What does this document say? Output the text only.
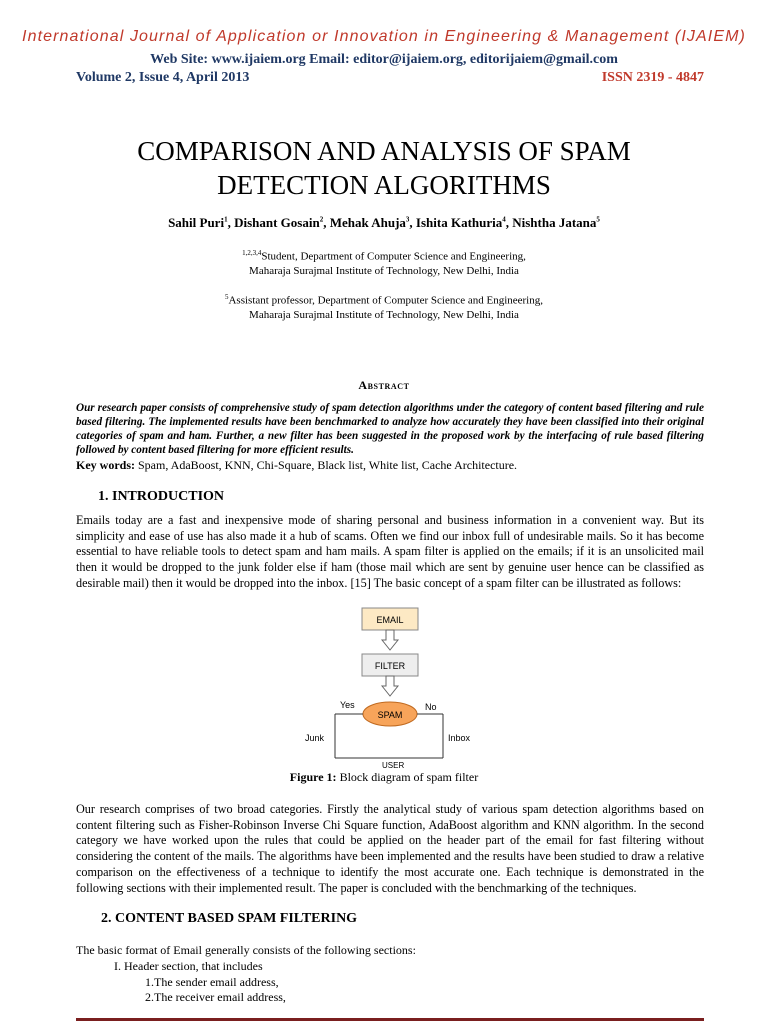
International Journal of Application or Innovation in Engineering & Management (IJAIEM)
Web Site: www.ijaiem.org Email: editor@ijaiem.org, editorijaiem@gmail.com
Volume 2, Issue 4, April 2013	ISSN 2319 - 4847
COMPARISON AND ANALYSIS OF SPAM
DETECTION ALGORITHMS
Sahil Puri$^1$, Dishant Gosain$^2$, Mehak Ahuja$^3$, Ishita Kathuria$^4$, Nishtha Jatana$^5$
$^{1,2,3,4}$Student, Department of Computer Science and Engineering,
Maharaja Surajmal Institute of Technology, New Delhi, India
$^5$Assistant professor, Department of Computer Science and Engineering,
Maharaja Surajmal Institute of Technology, New Delhi, India
Abstract
Our research paper consists of comprehensive study of spam detection algorithms under the category of content based filtering and rule based filtering. The implemented results have been benchmarked to analyze how accurately they have been classified into their original categories of spam and ham. Further, a new filter has been suggested in the proposed work by the interfacing of rule based filtering followed by content based filtering for more efficient results.
Key words: Spam, AdaBoost, KNN, Chi-Square, Black list, White list, Cache Architecture.
1. INTRODUCTION
Emails today are a fast and inexpensive mode of sharing personal and business information in a convenient way. But its simplicity and ease of use has also made it a hub of scams. Often we find our inbox full of undesirable mails. So it has become essential to have reliable tools to detect spam and ham mails. A spam filter is applied on the emails; if it is an unsolicited mail then it would be dropped to the junk folder else if ham (those mail which are sent by genuine user hence can be classified as desirable mail) then it would be dropped into the inbox. [15] The basic concept of a spam filter can be illustrated as follows:
EMAIL
FILTER
SPAM
Yes	No
Junk	Inbox
USER
Figure 1: Block diagram of spam filter
Our research comprises of two broad categories. Firstly the analytical study of various spam detection algorithms based on content filtering such as Fisher-Robinson Inverse Chi Square function, AdaBoost algorithm and KNN algorithm. In the second category we have worked upon the rules that could be applied on the header part of the email for fast filtering without considering the content of the mails. The algorithms have been implemented and the results have been studied to draw a relative comparison on the effectiveness of a technique to identify the most accurate one. Each technique is demonstrated in the following sections with their implemented result. The paper is concluded with the benchmarking of the techniques.
2. CONTENT BASED SPAM FILTERING
The basic format of Email generally consists of the following sections:
I. Header section, that includes
1.The sender email address,
2.The receiver email address,
